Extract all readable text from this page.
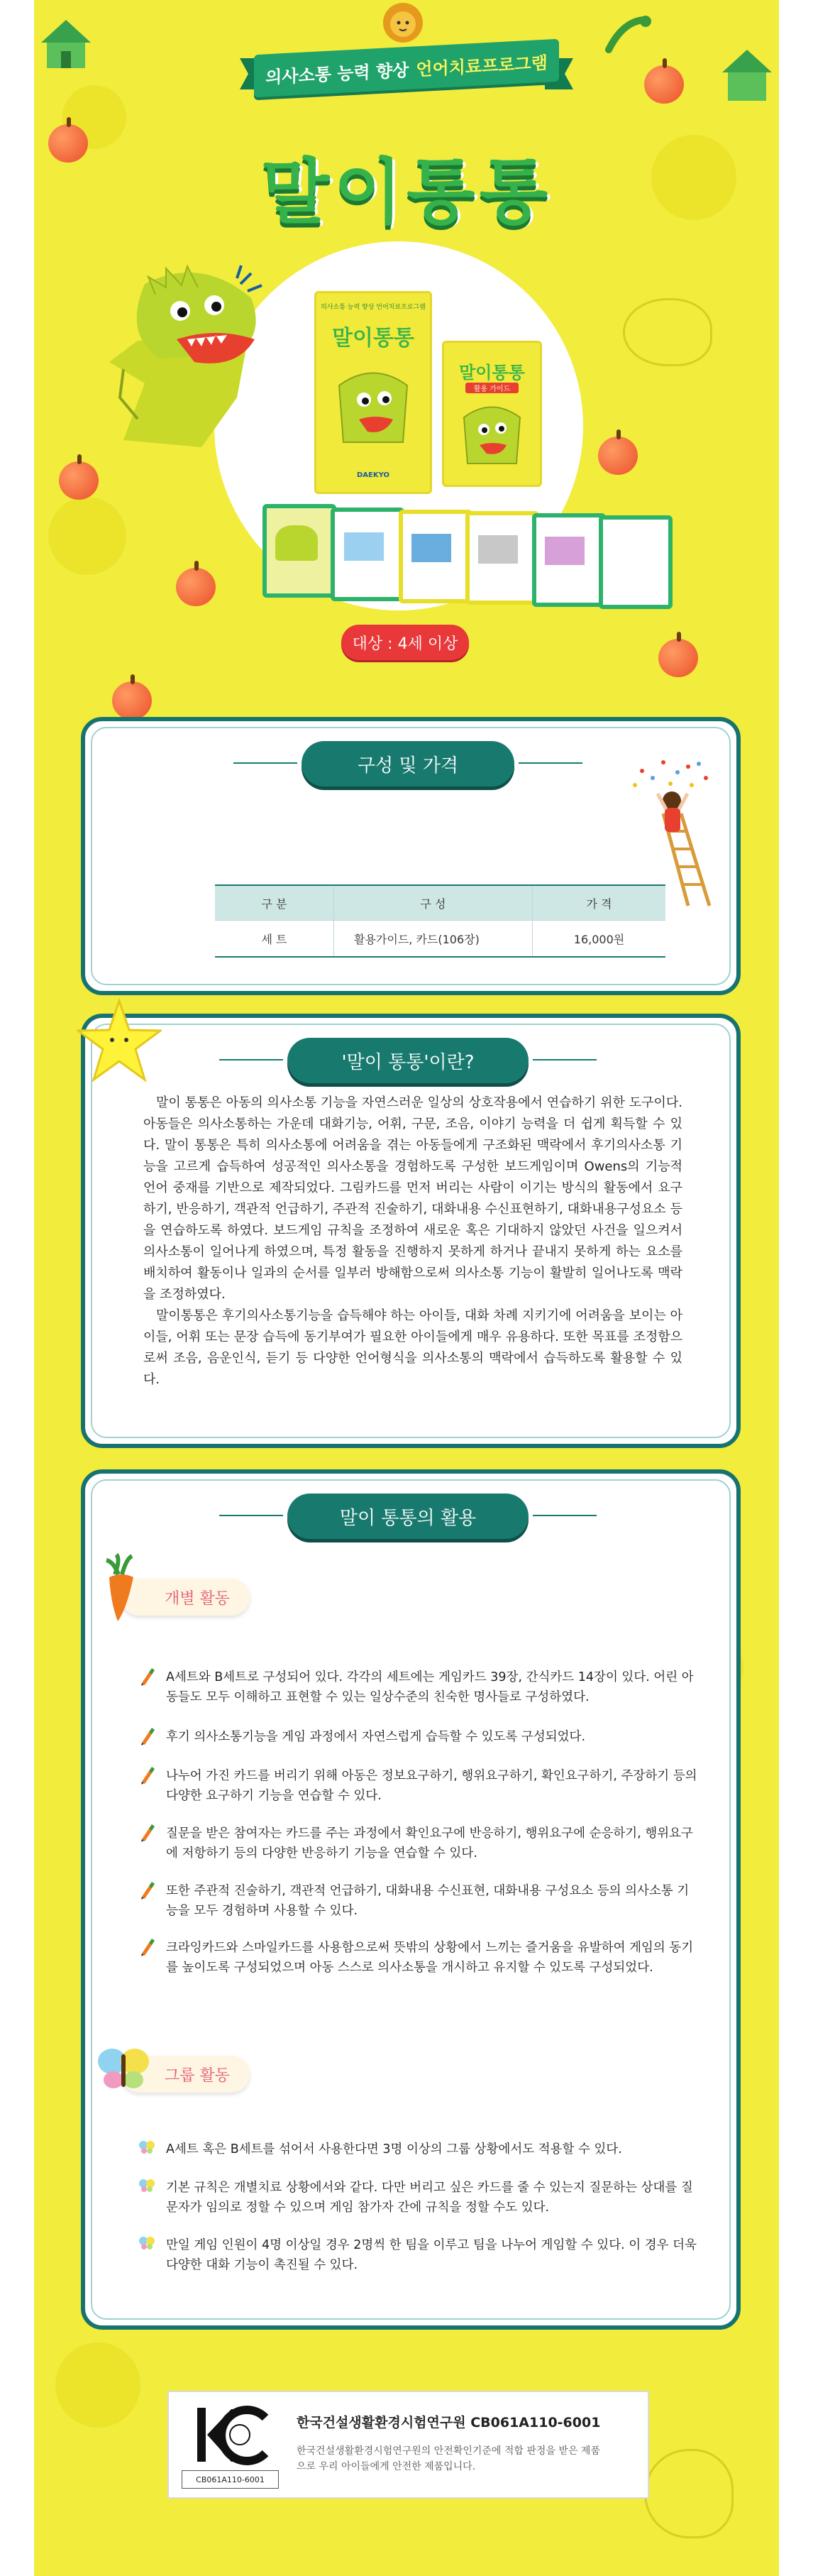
의사소통 능력 향상 언어치료프로그램
말이통통
의사소통 능력 향상 언어치료프로그램
말이통통
DAEKYO
말이통통
활용 가이드
대상 : 4세 이상
구성 및 가격
구 분	구 성	가 격
세 트	활용가이드, 카드(106장)	16,000원
'말이 통통'이란?

말이 통통은 아동의 의사소통 기능을 자연스러운 일상의 상호작용에서 연습하기 위한 도구이다. 아동들은 의사소통하는 가운데 대화기능, 어휘, 구문, 조음, 이야기 능력을 더 쉽게 획득할 수 있다. 말이 통통은 특히 의사소통에 어려움을 겪는 아동들에게 구조화된 맥락에서 후기의사소통 기능을 고르게 습득하여 성공적인 의사소통을 경험하도록 구성한 보드게임이며 Owens의 기능적 언어 중재를 기반으로 제작되었다. 그림카드를 먼저 버리는 사람이 이기는 방식의 활동에서 요구하기, 반응하기, 객관적 언급하기, 주관적 진술하기, 대화내용 수신표현하기, 대화내용구성요소 등을 연습하도록 하였다. 보드게임 규칙을 조정하여 새로운 혹은 기대하지 않았던 사건을 일으켜서 의사소통이 일어나게 하였으며, 특정 활동을 진행하지 못하게 하거나 끝내지 못하게 하는 요소를 배치하여 활동이나 일과의 순서를 일부러 방해함으로써 의사소통 기능이 활발히 일어나도록 맥락을 조정하였다.

말이통통은 후기의사소통기능을 습득해야 하는 아이들, 대화 차례 지키기에 어려움을 보이는 아이들, 어휘 또는 문장 습득에 동기부여가 필요한 아이들에게 매우 유용하다. 또한 목표를 조정함으로써 조음, 음운인식, 듣기 등 다양한 언어형식을 의사소통의 맥락에서 습득하도록 활용할 수 있다.

말이 통통의 활용
개별 활동
A세트와 B세트로 구성되어 있다. 각각의 세트에는 게임카드 39장, 간식카드 14장이 있다. 어린 아동들도 모두 이해하고 표현할 수 있는 일상수준의 친숙한 명사들로 구성하였다.
후기 의사소통기능을 게임 과정에서 자연스럽게 습득할 수 있도록 구성되었다.
나누어 가진 카드를 버리기 위해 아동은 정보요구하기, 행위요구하기, 확인요구하기, 주장하기 등의 다양한 요구하기 기능을 연습할 수 있다.
질문을 받은 참여자는 카드를 주는 과정에서 확인요구에 반응하기, 행위요구에 순응하기, 행위요구에 저항하기 등의 다양한 반응하기 기능을 연습할 수 있다.
또한 주관적 진술하기, 객관적 언급하기, 대화내용 수신표현, 대화내용 구성요소 등의 의사소통 기능을 모두 경험하며 사용할 수 있다.
크라잉카드와 스마일카드를 사용함으로써 뜻밖의 상황에서 느끼는 즐거움을 유발하여 게임의 동기를 높이도록 구성되었으며 아동 스스로 의사소통을 개시하고 유지할 수 있도록 구성되었다.
그룹 활동
A세트 혹은 B세트를 섞어서 사용한다면 3명 이상의 그룹 상황에서도 적용할 수 있다.
기본 규칙은 개별치료 상황에서와 같다. 다만 버리고 싶은 카드를 줄 수 있는지 질문하는 상대를 질문자가 임의로 정할 수 있으며 게임 참가자 간에 규칙을 정할 수도 있다.
만일 게임 인원이 4명 이상일 경우 2명씩 한 팀을 이루고 팀을 나누어 게임할 수 있다. 이 경우 더욱 다양한 대화 기능이 촉진될 수 있다.
CB061A110-6001
한국건설생활환경시험연구원 CB061A110-6001
한국건설생활환경시험연구원의 안전확인기준에 적합 판정을 받은 제품으로 우리 아이들에게 안전한 제품입니다.
